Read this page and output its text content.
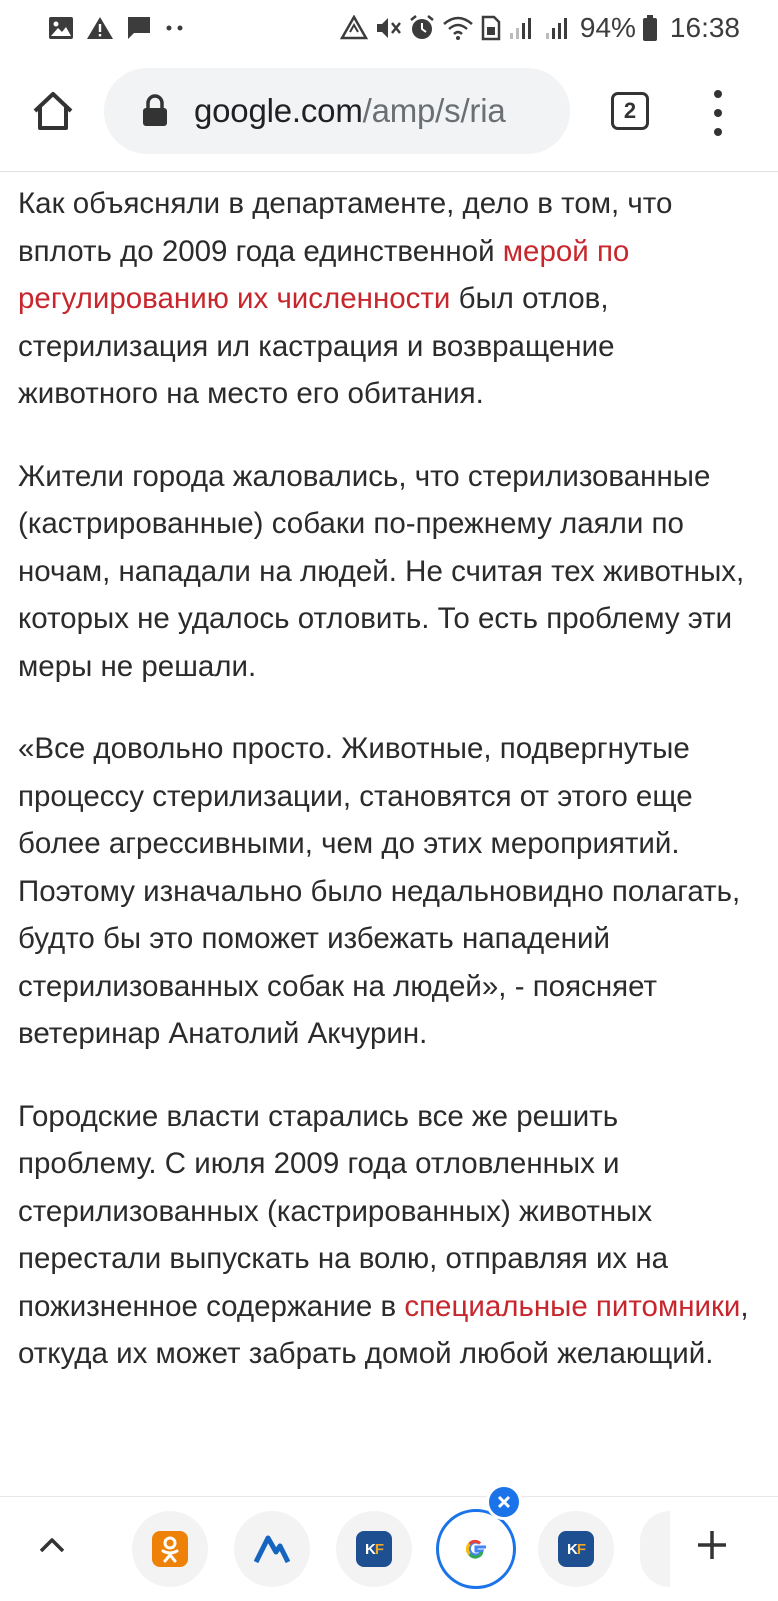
94% 16:38
google.com/amp/s/ria	2

Как объясняли в департаменте, дело в том, что вплоть до 2009 года единственной мерой по регулированию их численности был отлов, стерилизация ил кастрация и возвращение животного на место его обитания.

Жители города жаловались, что стерилизованные (кастрированные) собаки по-прежнему лаяли по ночам, нападали на людей. Не считая тех животных, которых не удалось отловить. То есть проблему эти меры не решали.

«Все довольно просто. Животные, подвергнутые процессу стерилизации, становятся от этого еще более агрессивными, чем до этих мероприятий. Поэтому изначально было недальновидно полагать, будто бы это поможет избежать нападений стерилизованных собак на людей», - поясняет ветеринар Анатолий Акчурин.

Городские власти старались все же решить проблему. С июля 2009 года отловленных и стерилизованных (кастрированных) животных перестали выпускать на волю, отправляя их на пожизненное содержание в специальные питомники, откуда их может забрать домой любой желающий.

K F	K F
